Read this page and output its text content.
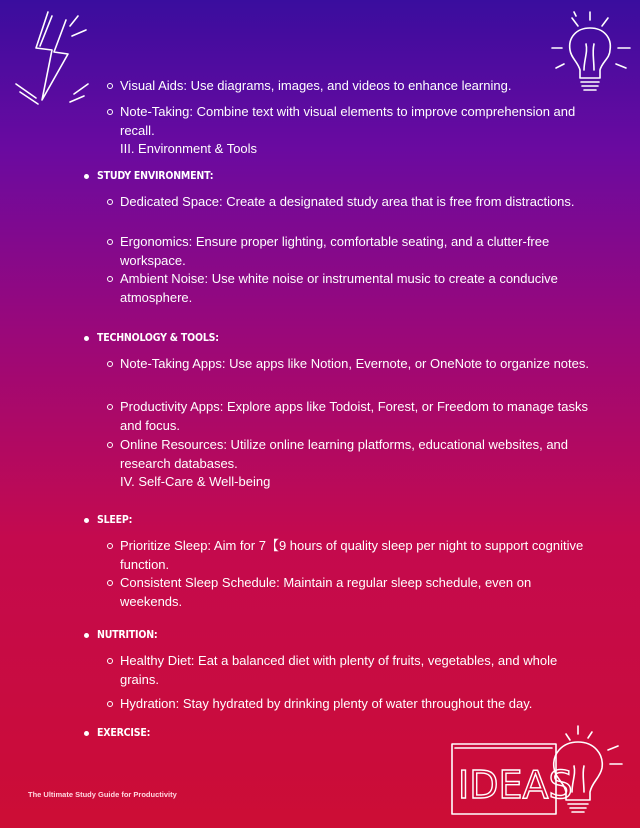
Visual Aids: Use diagrams, images, and videos to enhance learning.
Note-Taking: Combine text with visual elements to improve comprehension and recall.
III. Environment & Tools
STUDY ENVIRONMENT:
Dedicated Space: Create a designated study area that is free from distractions.
Ergonomics: Ensure proper lighting, comfortable seating, and a clutter-free workspace.
Ambient Noise: Use white noise or instrumental music to create a conducive atmosphere.
TECHNOLOGY & TOOLS:
Note-Taking Apps: Use apps like Notion, Evernote, or OneNote to organize notes.
Productivity Apps: Explore apps like Todoist, Forest, or Freedom to manage tasks and focus.
Online Resources: Utilize online learning platforms, educational websites, and research databases.
IV. Self-Care & Well-being
SLEEP:
Prioritize Sleep: Aim for 7【9 hours of quality sleep per night to support cognitive function.
Consistent Sleep Schedule: Maintain a regular sleep schedule, even on weekends.
NUTRITION:
Healthy Diet: Eat a balanced diet with plenty of fruits, vegetables, and whole grains.
Hydration: Stay hydrated by drinking plenty of water throughout the day.
EXERCISE:
IDEAS
The Ultimate Study Guide for Productivity
